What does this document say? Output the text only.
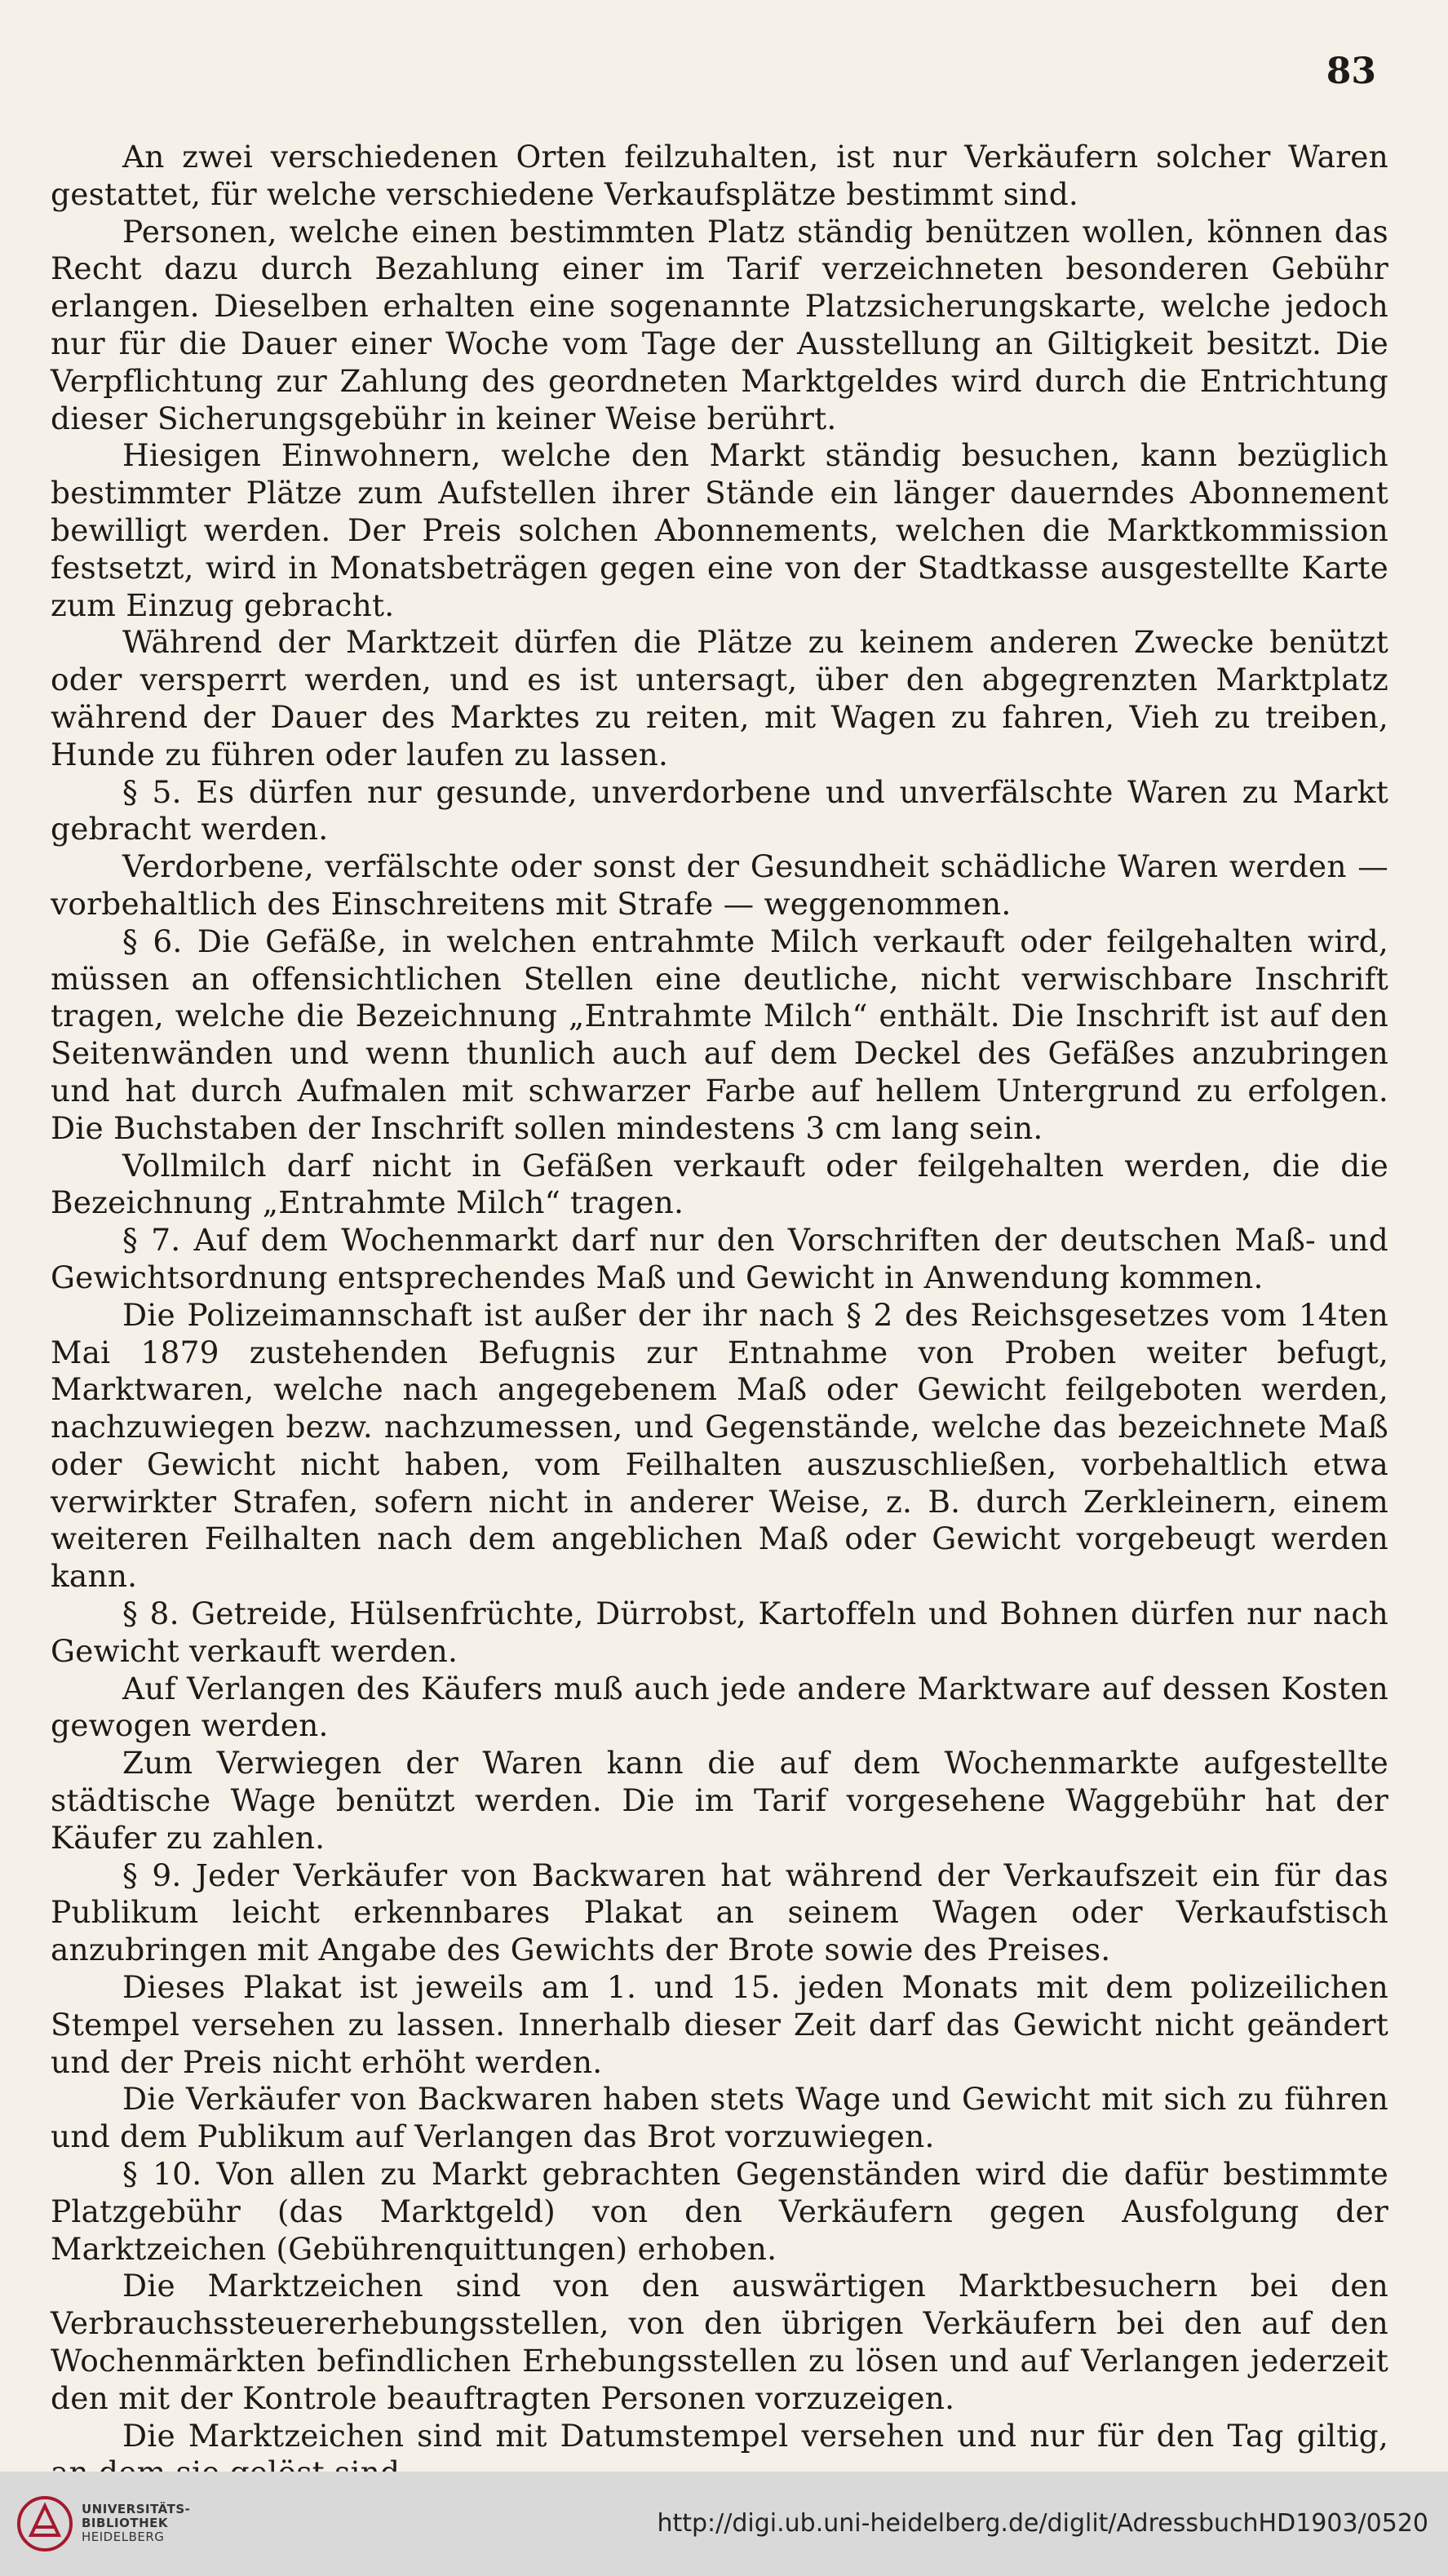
83

An zwei verschiedenen Orten feilzuhalten, ist nur Verkäufern solcher Waren gestattet, für welche verschiedene Verkaufsplätze bestimmt sind.

Personen, welche einen bestimmten Platz ständig benützen wollen, können das Recht dazu durch Bezahlung einer im Tarif verzeichneten besonderen Gebühr erlangen. Dieselben erhalten eine sogenannte Platzsicherungskarte, welche jedoch nur für die Dauer einer Woche vom Tage der Ausstellung an Giltigkeit besitzt. Die Verpflichtung zur Zahlung des geordneten Marktgeldes wird durch die Entrichtung dieser Sicherungsgebühr in keiner Weise berührt.

Hiesigen Einwohnern, welche den Markt ständig besuchen, kann bezüglich bestimmter Plätze zum Aufstellen ihrer Stände ein länger dauerndes Abonnement bewilligt werden. Der Preis solchen Abonnements, welchen die Marktkommission festsetzt, wird in Monatsbeträgen gegen eine von der Stadtkasse ausgestellte Karte zum Einzug gebracht.

Während der Marktzeit dürfen die Plätze zu keinem anderen Zwecke benützt oder versperrt werden, und es ist untersagt, über den abgegrenzten Marktplatz während der Dauer des Marktes zu reiten, mit Wagen zu fahren, Vieh zu treiben, Hunde zu führen oder laufen zu lassen.

§ 5. Es dürfen nur gesunde, unverdorbene und unverfälschte Waren zu Markt gebracht werden.

Verdorbene, verfälschte oder sonst der Gesundheit schädliche Waren werden — vorbehaltlich des Einschreitens mit Strafe — weggenommen.

§ 6. Die Gefäße, in welchen entrahmte Milch verkauft oder feilgehalten wird, müssen an offensichtlichen Stellen eine deutliche, nicht verwischbare Inschrift tragen, welche die Bezeichnung „Entrahmte Milch“ enthält. Die Inschrift ist auf den Seitenwänden und wenn thunlich auch auf dem Deckel des Gefäßes anzubringen und hat durch Aufmalen mit schwarzer Farbe auf hellem Untergrund zu erfolgen. Die Buchstaben der Inschrift sollen mindestens 3 cm lang sein.

Vollmilch darf nicht in Gefäßen verkauft oder feilgehalten werden, die die Bezeichnung „Entrahmte Milch“ tragen.

§ 7. Auf dem Wochenmarkt darf nur den Vorschriften der deutschen Maß- und Gewichtsordnung entsprechendes Maß und Gewicht in Anwendung kommen.

Die Polizeimannschaft ist außer der ihr nach § 2 des Reichsgesetzes vom 14ten Mai 1879 zustehenden Befugnis zur Entnahme von Proben weiter befugt, Marktwaren, welche nach angegebenem Maß oder Gewicht feilgeboten werden, nachzuwiegen bezw. nachzumessen, und Gegenstände, welche das bezeichnete Maß oder Gewicht nicht haben, vom Feilhalten auszuschließen, vorbehaltlich etwa verwirkter Strafen, sofern nicht in anderer Weise, z. B. durch Zerkleinern, einem weiteren Feilhalten nach dem angeblichen Maß oder Gewicht vorgebeugt werden kann.

§ 8. Getreide, Hülsenfrüchte, Dürrobst, Kartoffeln und Bohnen dürfen nur nach Gewicht verkauft werden.

Auf Verlangen des Käufers muß auch jede andere Marktware auf dessen Kosten gewogen werden.

Zum Verwiegen der Waren kann die auf dem Wochenmarkte aufgestellte städtische Wage benützt werden. Die im Tarif vorgesehene Waggebühr hat der Käufer zu zahlen.

§ 9. Jeder Verkäufer von Backwaren hat während der Verkaufszeit ein für das Publikum leicht erkennbares Plakat an seinem Wagen oder Verkaufstisch anzubringen mit Angabe des Gewichts der Brote sowie des Preises.

Dieses Plakat ist jeweils am 1. und 15. jeden Monats mit dem polizeilichen Stempel versehen zu lassen. Innerhalb dieser Zeit darf das Gewicht nicht geändert und der Preis nicht erhöht werden.

Die Verkäufer von Backwaren haben stets Wage und Gewicht mit sich zu führen und dem Publikum auf Verlangen das Brot vorzuwiegen.

§ 10. Von allen zu Markt gebrachten Gegenständen wird die dafür bestimmte Platzgebühr (das Marktgeld) von den Verkäufern gegen Ausfolgung der Marktzeichen (Gebührenquittungen) erhoben.

Die Marktzeichen sind von den auswärtigen Marktbesuchern bei den Verbrauchssteuererhebungsstellen, von den übrigen Verkäufern bei den auf den Wochenmärkten befindlichen Erhebungsstellen zu lösen und auf Verlangen jederzeit den mit der Kontrole beauftragten Personen vorzuzeigen.

Die Marktzeichen sind mit Datumstempel versehen und nur für den Tag giltig,

UNIVERSITÄTS-
BIBLIOTHEK
HEIDELBERG	http://digi.ub.uni-heidelberg.de/diglit/AdressbuchHD1903/0520
